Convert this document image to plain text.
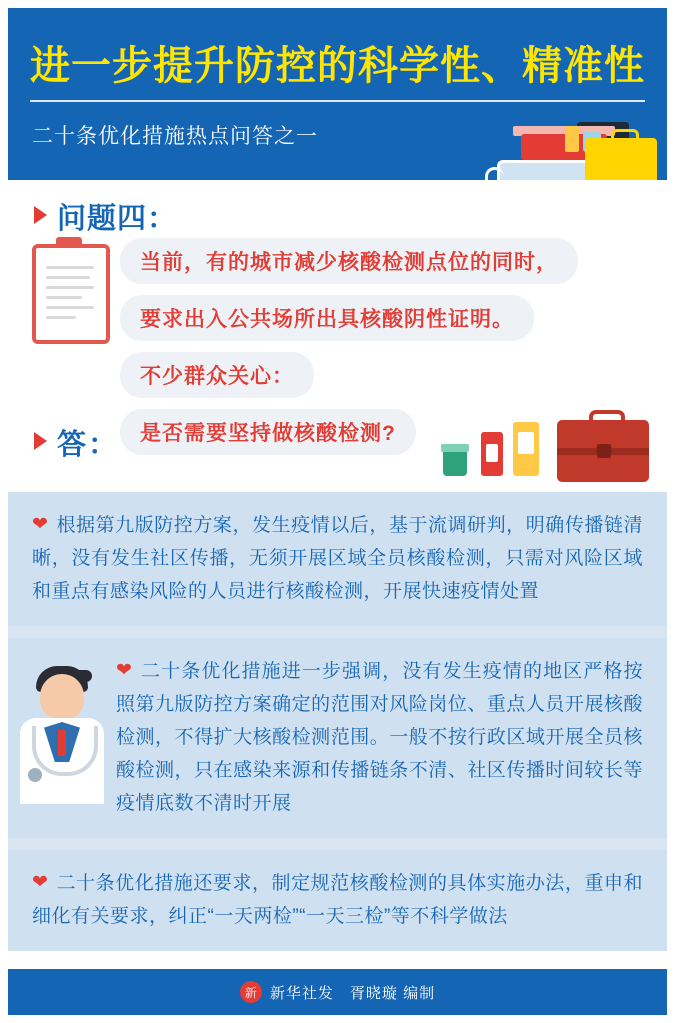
进一步提升防控的科学性、精准性
二十条优化措施热点问答之一
问题四：
当前，有的城市减少核酸检测点位的同时，
要求出入公共场所出具核酸阴性证明。
不少群众关心：
是否需要坚持做核酸检测?
答：
❤ 根据第九版防控方案，发生疫情以后，基于流调研判，明确传播链清晰，没有发生社区传播，无须开展区域全员核酸检测，只需对风险区域和重点有感染风险的人员进行核酸检测，开展快速疫情处置
❤ 二十条优化措施进一步强调，没有发生疫情的地区严格按照第九版防控方案确定的范围对风险岗位、重点人员开展核酸检测，不得扩大核酸检测范围。一般不按行政区域开展全员核酸检测，只在感染来源和传播链条不清、社区传播时间较长等疫情底数不清时开展
❤ 二十条优化措施还要求，制定规范核酸检测的具体实施办法，重申和细化有关要求，纠正“一天两检”“一天三检”等不科学做法
新 新华社发　胥晓璇 编制
